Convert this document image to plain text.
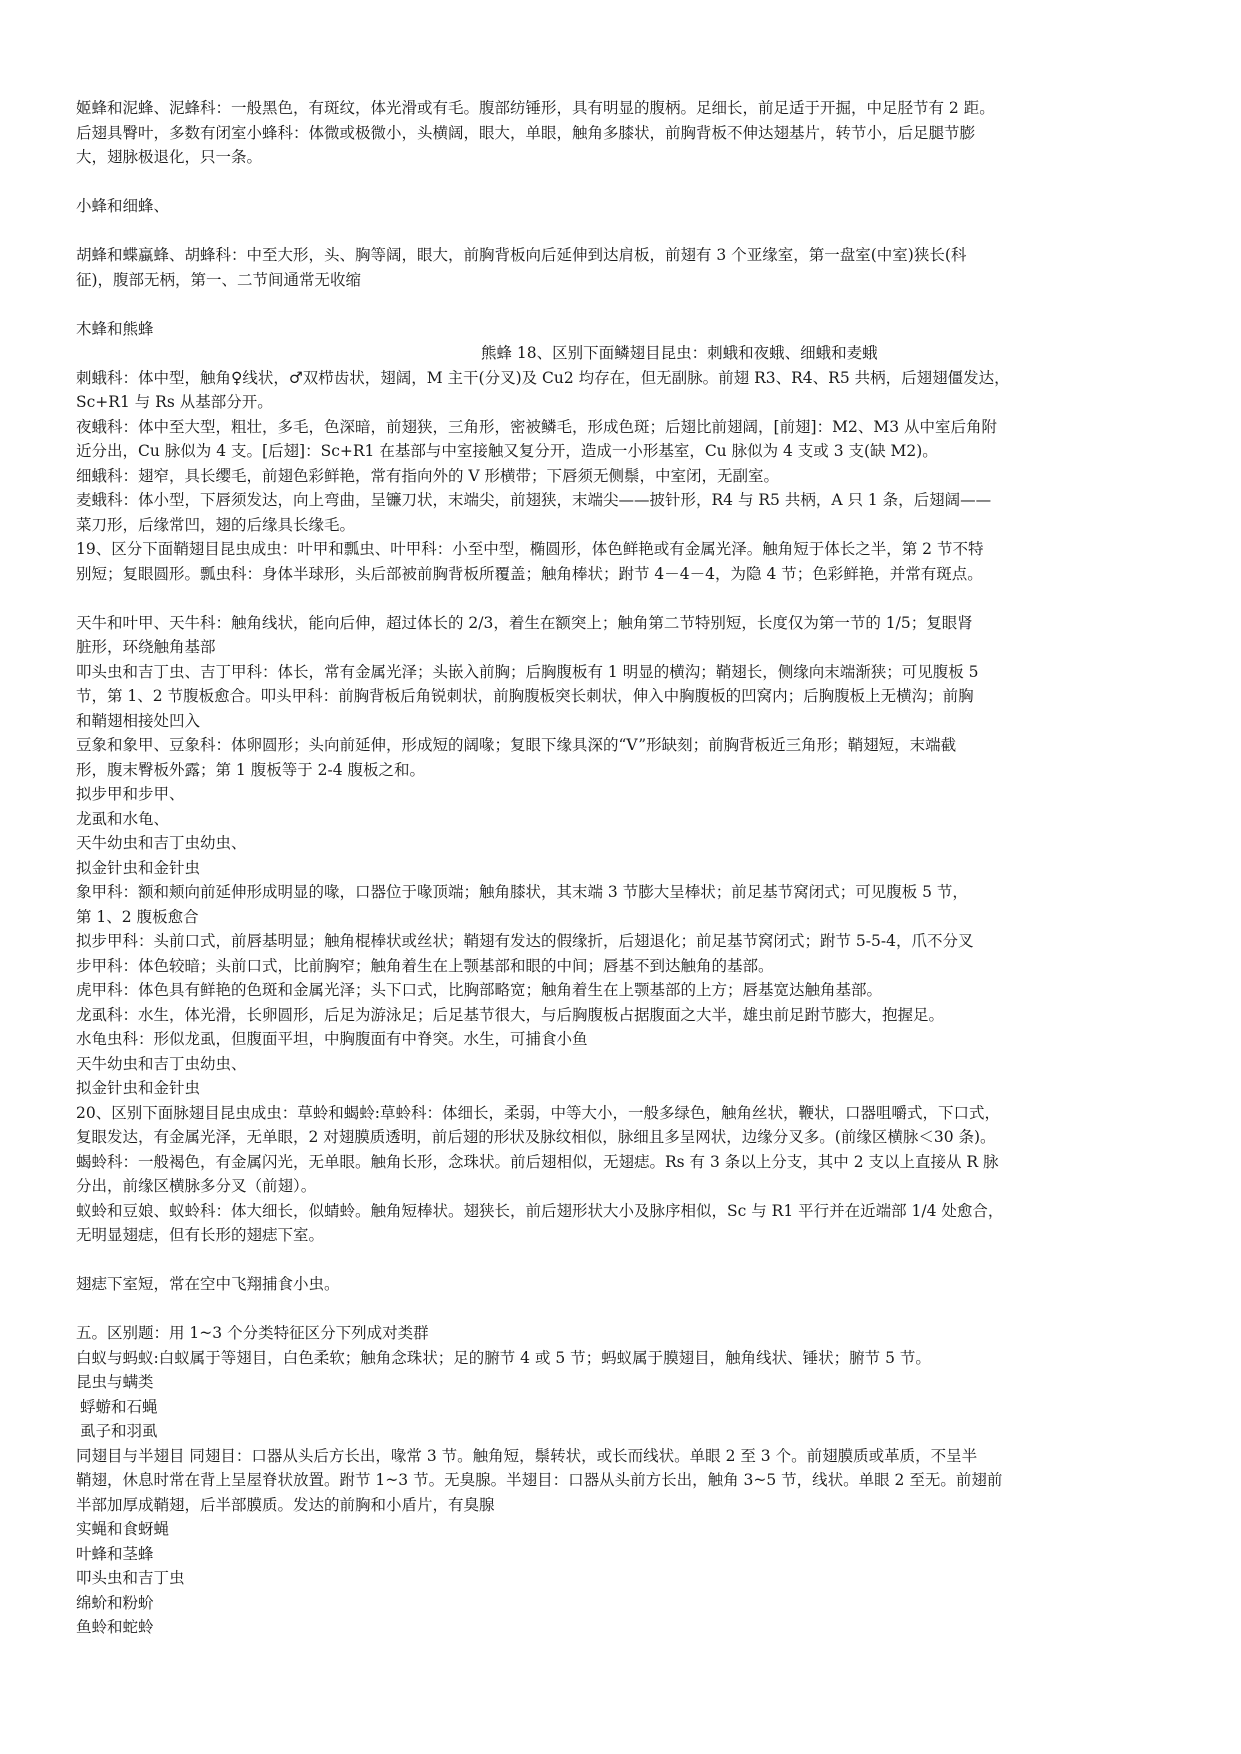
姬蜂和泥蜂、泥蜂科：一般黑色，有斑纹，体光滑或有毛。腹部纺锤形，具有明显的腹柄。足细长，前足适于开掘，中足胫节有 2 距。
后翅具臀叶，多数有闭室小蜂科：体微或极微小，头横阔，眼大，单眼，触角多膝状，前胸背板不伸达翅基片，转节小，后足腿节膨
大，翅脉极退化，只一条。
小蜂和细蜂、
胡蜂和蝶蠃蜂、胡蜂科：中至大形，头、胸等阔，眼大，前胸背板向后延伸到达肩板，前翅有 3 个亚缘室，第一盘室(中室)狭长(科
征)，腹部无柄，第一、二节间通常无收缩
木蜂和熊蜂
熊蜂 18、区别下面鳞翅目昆虫：刺蛾和夜蛾、细蛾和麦蛾
刺蛾科：体中型，触角♀线状，♂双栉齿状，翅阔，M 主干(分叉)及 Cu2 均存在，但无副脉。前翅 R3、R4、R5 共柄，后翅翅僵发达，
Sc+R1 与 Rs 从基部分开。
夜蛾科：体中至大型，粗壮，多毛，色深暗，前翅狭，三角形，密被鳞毛，形成色斑；后翅比前翅阔，[前翅]：M2、M3 从中室后角附
近分出，Cu 脉似为 4 支。[后翅]：Sc+R1 在基部与中室接触又复分开，造成一小形基室，Cu 脉似为 4 支或 3 支(缺 M2)。
细蛾科：翅窄，具长缨毛，前翅色彩鲜艳，常有指向外的 V 形横带；下唇须无侧鬃，中室闭，无副室。
麦蛾科：体小型，下唇须发达，向上弯曲，呈镰刀状，末端尖，前翅狭，末端尖——披针形，R4 与 R5 共柄，A 只 1 条，后翅阔——
菜刀形，后缘常凹，翅的后缘具长缘毛。
19、区分下面鞘翅目昆虫成虫：叶甲和瓢虫、叶甲科：小至中型，椭圆形，体色鲜艳或有金属光泽。触角短于体长之半，第 2 节不特
别短；复眼圆形。瓢虫科：身体半球形，头后部被前胸背板所覆盖；触角棒状；跗节 4－4－4，为隐 4 节；色彩鲜艳，并常有斑点。
天牛和叶甲、天牛科：触角线状，能向后伸，超过体长的 2/3，着生在额突上；触角第二节特别短，长度仅为第一节的 1/5；复眼肾
脏形，环绕触角基部
叩头虫和吉丁虫、吉丁甲科：体长，常有金属光泽；头嵌入前胸；后胸腹板有 1 明显的横沟；鞘翅长，侧缘向末端渐狭；可见腹板 5
节，第 1、2 节腹板愈合。叩头甲科：前胸背板后角锐刺状，前胸腹板突长刺状，伸入中胸腹板的凹窝内；后胸腹板上无横沟；前胸
和鞘翅相接处凹入
豆象和象甲、豆象科：体卵圆形；头向前延伸，形成短的阔喙；复眼下缘具深的“V”形缺刻；前胸背板近三角形；鞘翅短，末端截
形，腹末臀板外露；第 1 腹板等于 2-4 腹板之和。
拟步甲和步甲、
龙虱和水龟、
天牛幼虫和吉丁虫幼虫、
拟金针虫和金针虫
象甲科：额和颊向前延伸形成明显的喙，口器位于喙顶端；触角膝状，其末端 3 节膨大呈棒状；前足基节窝闭式；可见腹板 5 节，
第 1、2 腹板愈合
拟步甲科：头前口式，前唇基明显；触角棍棒状或丝状；鞘翅有发达的假缘折，后翅退化；前足基节窝闭式；跗节 5-5-4，爪不分叉
步甲科：体色较暗；头前口式，比前胸窄；触角着生在上颚基部和眼的中间；唇基不到达触角的基部。
虎甲科：体色具有鲜艳的色斑和金属光泽；头下口式，比胸部略宽；触角着生在上颚基部的上方；唇基宽达触角基部。
龙虱科：水生，体光滑，长卵圆形，后足为游泳足；后足基节很大，与后胸腹板占据腹面之大半，雄虫前足跗节膨大，抱握足。
水龟虫科：形似龙虱，但腹面平坦，中胸腹面有中脊突。水生，可捕食小鱼
天牛幼虫和吉丁虫幼虫、
拟金针虫和金针虫
20、区别下面脉翅目昆虫成虫：草蛉和蝎蛉:草蛉科：体细长，柔弱，中等大小，一般多绿色，触角丝状，鞭状，口器咀嚼式，下口式，
复眼发达，有金属光泽，无单眼，2 对翅膜质透明，前后翅的形状及脉纹相似，脉细且多呈网状，边缘分叉多。(前缘区横脉＜30 条)。
蝎蛉科：一般褐色，有金属闪光，无单眼。触角长形，念珠状。前后翅相似，无翅痣。Rs 有 3 条以上分支，其中 2 支以上直接从 R 脉
分出，前缘区横脉多分叉（前翅）。
蚁蛉和豆娘、蚁蛉科：体大细长，似蜻蛉。触角短棒状。翅狭长，前后翅形状大小及脉序相似，Sc 与 R1 平行并在近端部 1/4 处愈合，
无明显翅痣，但有长形的翅痣下室。
翅痣下室短，常在空中飞翔捕食小虫。
五。区别题：用 1~3 个分类特征区分下列成对类群
白蚁与蚂蚁:白蚁属于等翅目，白色柔软；触角念珠状；足的腑节 4 或 5 节；蚂蚁属于膜翅目，触角线状、锤状；腑节 5 节。
昆虫与螨类
蜉蝣和石蝇
虱子和羽虱
同翅目与半翅目 同翅目：口器从头后方长出，喙常 3 节。触角短，鬃转状，或长而线状。单眼 2 至 3 个。前翅膜质或革质，不呈半
鞘翅，休息时常在背上呈屋脊状放置。跗节 1~3 节。无臭腺。半翅目：口器从头前方长出，触角 3~5 节，线状。单眼 2 至无。前翅前
半部加厚成鞘翅，后半部膜质。发达的前胸和小盾片，有臭腺
实蝇和食蚜蝇
叶蜂和茎蜂
叩头虫和吉丁虫
绵蚧和粉蚧
鱼蛉和蛇蛉
